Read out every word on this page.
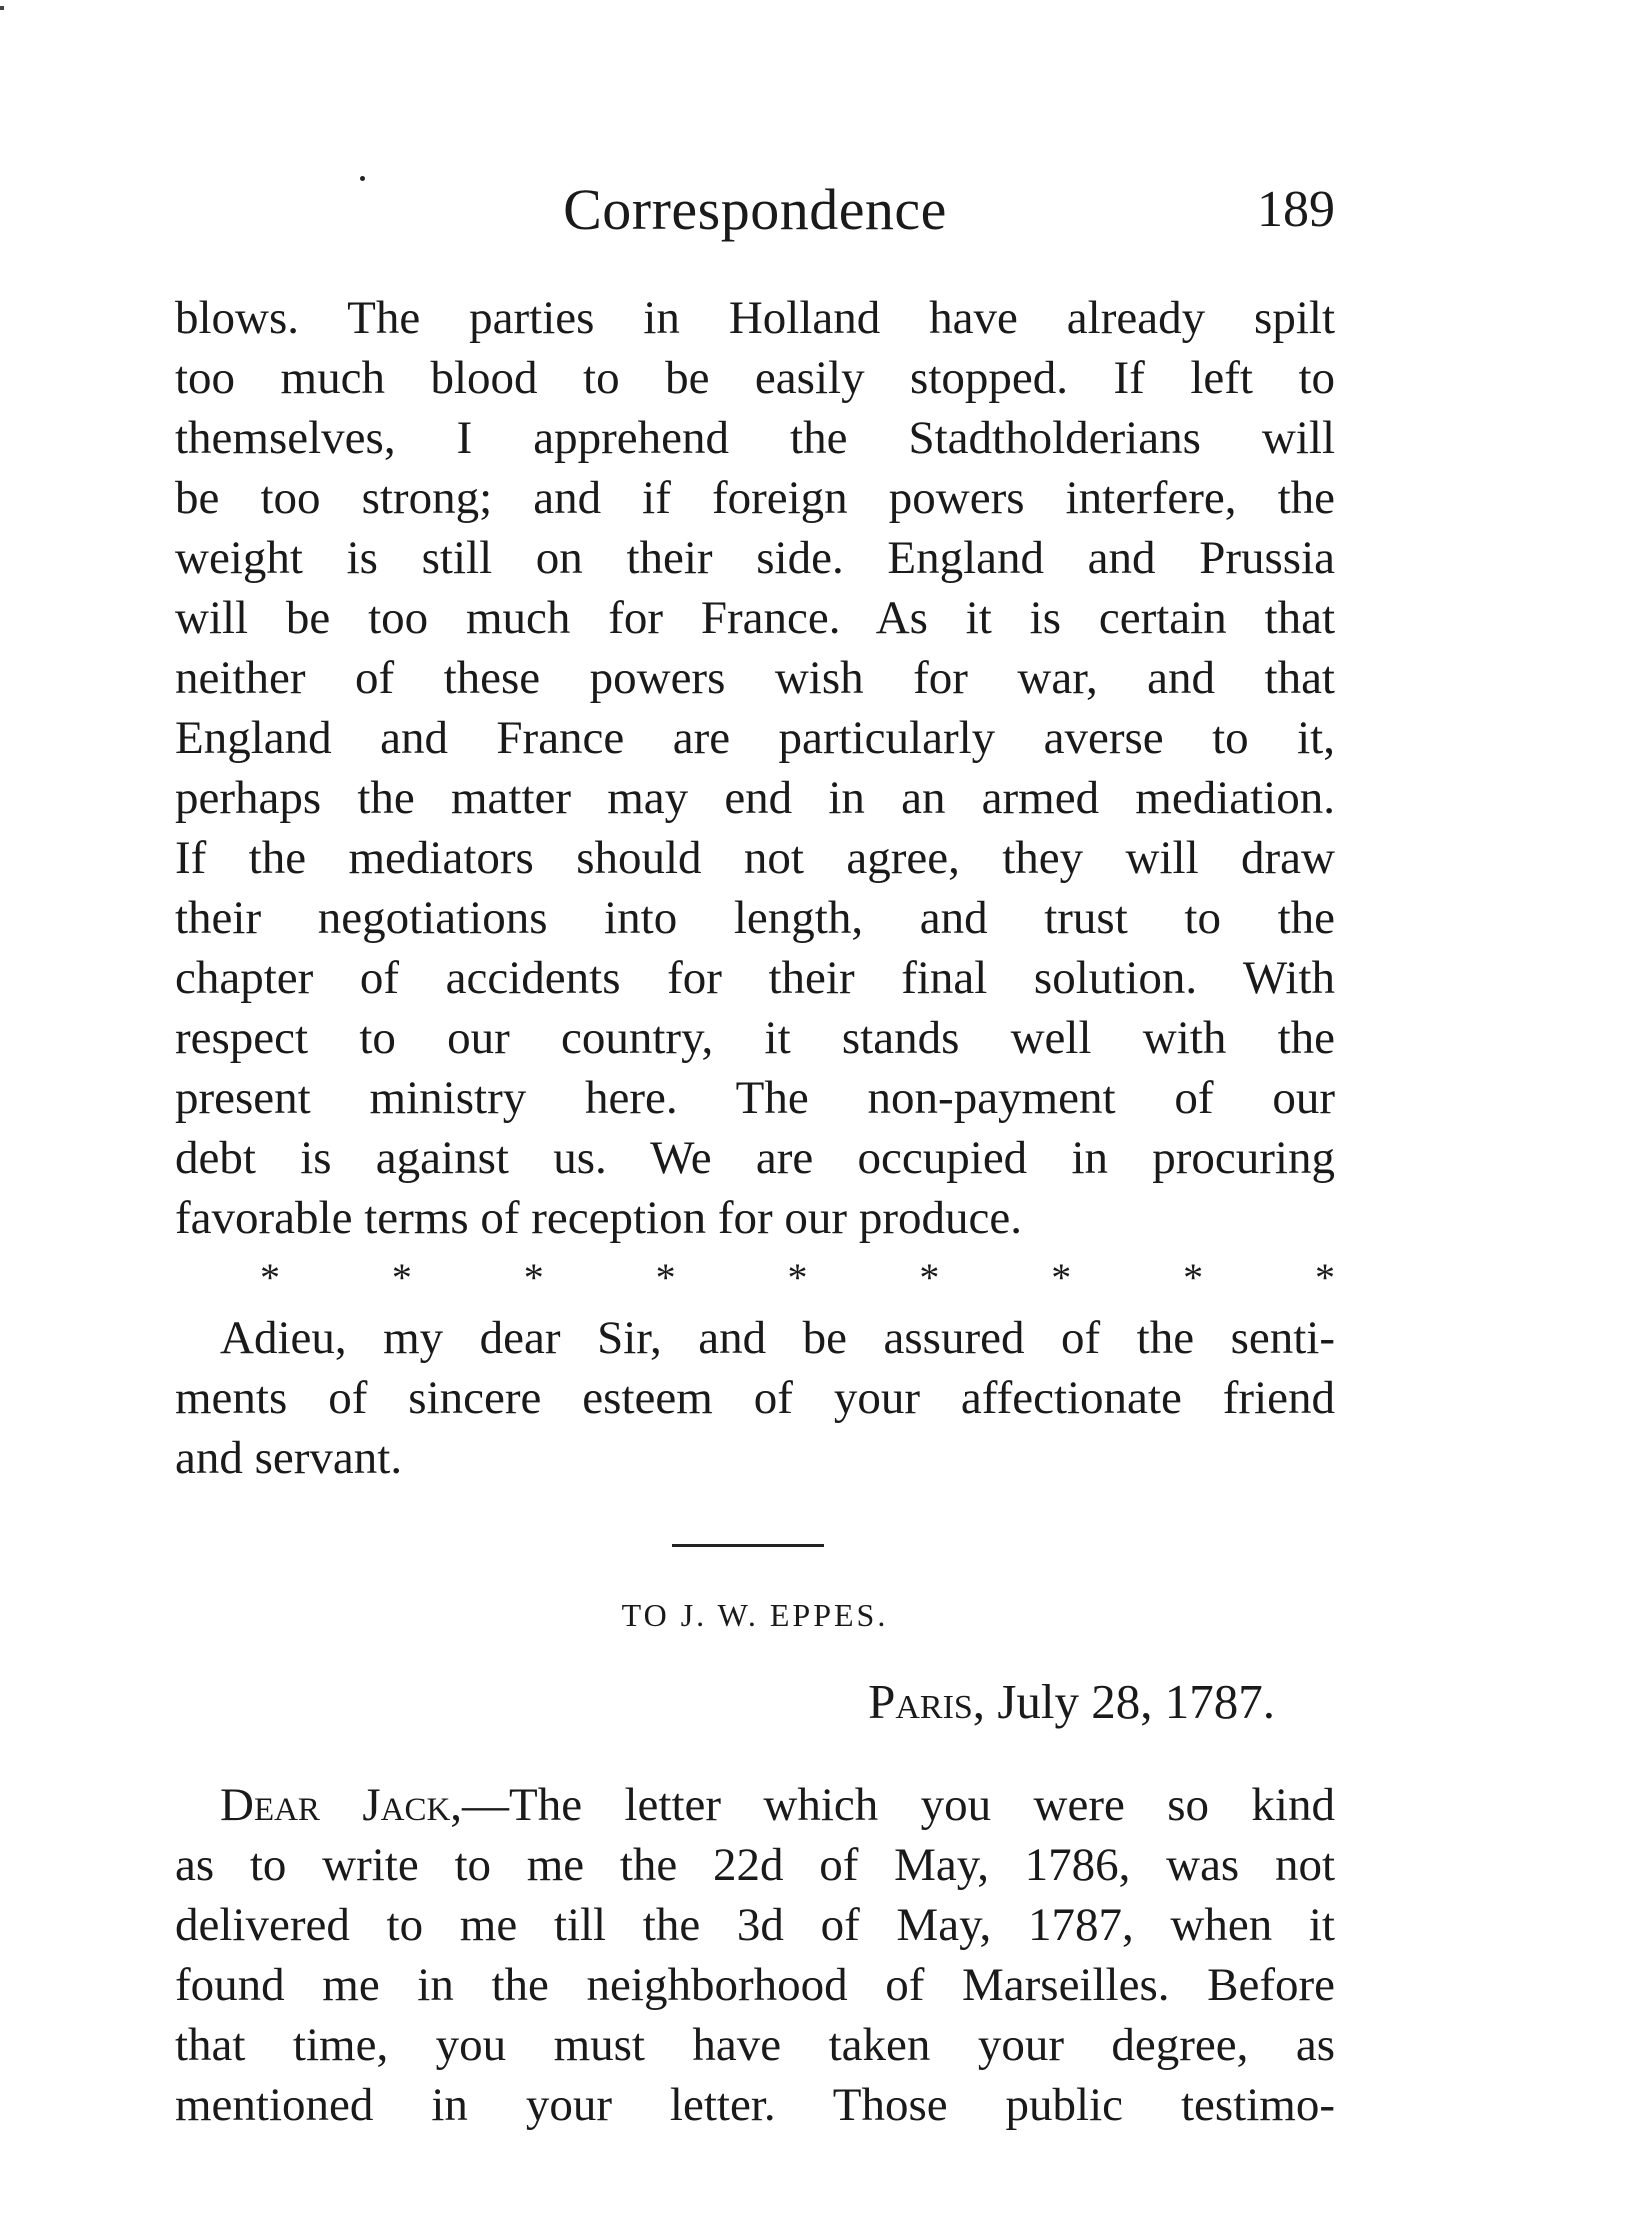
Correspondence	189

blows. The parties in Holland have already spilt
too much blood to be easily stopped. If left to
themselves, I apprehend the Stadtholderians will
be too strong; and if foreign powers interfere, the
weight is still on their side. England and Prussia
will be too much for France. As it is certain that
neither of these powers wish for war, and that
England and France are particularly averse to it,
perhaps the matter may end in an armed mediation.
If the mediators should not agree, they will draw
their negotiations into length, and trust to the
chapter of accidents for their final solution. With
respect to our country, it stands well with the
present ministry here. The non-payment of our
debt is against us. We are occupied in procuring
favorable terms of reception for our produce.

*	*	*	*	*	*	*	*	*

Adieu, my dear Sir, and be assured of the senti-
ments of sincere esteem of your affectionate friend
and servant.

TO J. W. EPPES.
Paris, July 28, 1787.

Dear Jack,—The letter which you were so kind
as to write to me the 22d of May, 1786, was not
delivered to me till the 3d of May, 1787, when it
found me in the neighborhood of Marseilles. Before
that time, you must have taken your degree, as
mentioned in your letter. Those public testimo-
